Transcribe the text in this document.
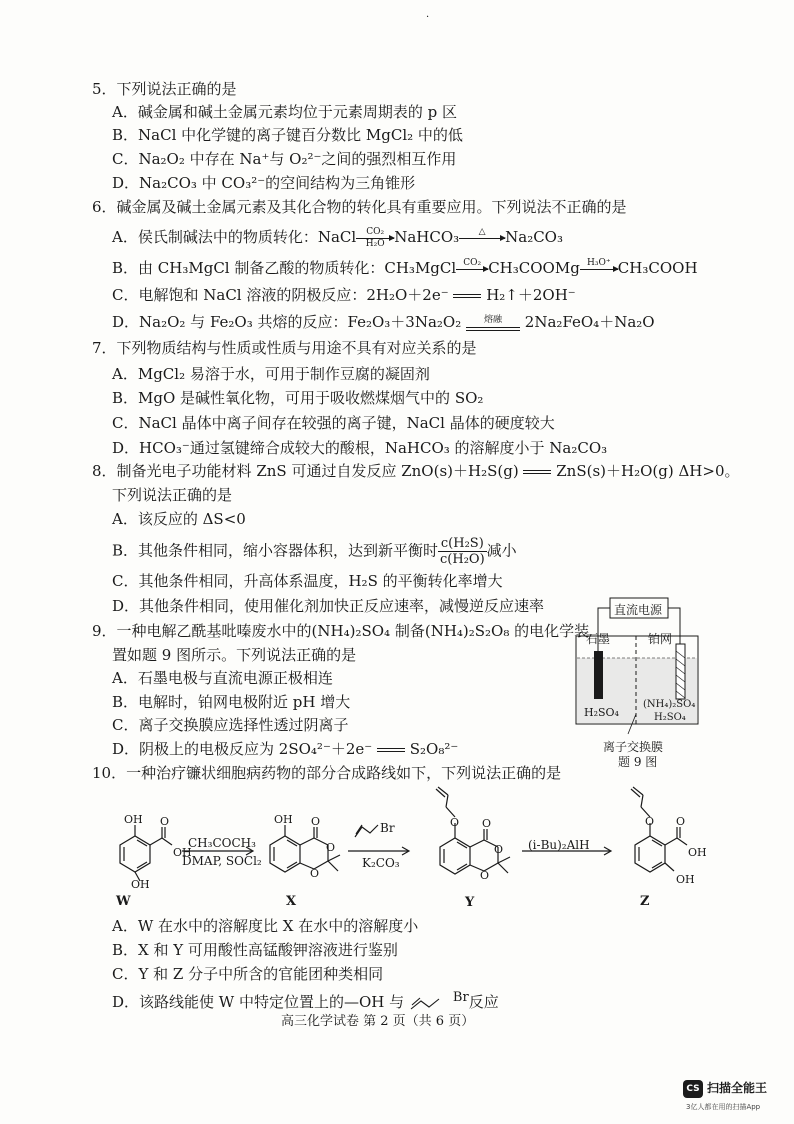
·
5．下列说法正确的是
A．碱金属和碱土金属元素均位于元素周期表的 p 区
B．NaCl 中化学键的离子键百分数比 MgCl₂ 中的低
C．Na₂O₂ 中存在 Na⁺与 O₂²⁻之间的强烈相互作用
D．Na₂CO₃ 中 CO₃²⁻的空间结构为三角锥形
6．碱金属及碱土金属元素及其化合物的转化具有重要应用。下列说法不正确的是
A．侯氏制碱法中的物质转化：NaCl $\frac{\text{CO₂}}{\text{H₂O}}$ NaHCO₃	△
	Na₂CO₃
B．由 CH₃MgCl 制备乙酸的物质转化：CH₃MgCl CO₂
CH₃COOMg H₃O⁺
CH₃COOH
C．电解饱和 NaCl 溶液的阴极反应：2H₂O＋2e⁻	H₂↑＋2OH⁻
D．Na₂O₂ 与 Fe₂O₃ 共熔的反应：Fe₂O₃＋3Na₂O₂	熔融 2Na₂FeO₄＋Na₂O
7．下列物质结构与性质或性质与用途不具有对应关系的是
A．MgCl₂ 易溶于水，可用于制作豆腐的凝固剂
B．MgO 是碱性氧化物，可用于吸收燃煤烟气中的 SO₂
C．NaCl 晶体中离子间存在较强的离子键，NaCl 晶体的硬度较大
D．HCO₃⁻通过氢键缔合成较大的酸根，NaHCO₃ 的溶解度小于 Na₂CO₃
8．制备光电子功能材料 ZnS 可通过自发反应 ZnO(s)＋H₂S(g)	ZnS(s)＋H₂O(g) ΔH>0。
下列说法正确的是
A．该反应的 ΔS<0
B．其他条件相同，缩小容器体积，达到新平衡时 $\frac{\text{c(H₂S)}}{\text{c(H₂O)}}$ 减小
C．其他条件相同，升高体系温度，H₂S 的平衡转化率增大
D．其他条件相同，使用催化剂加快正反应速率，减慢逆反应速率
9．一种电解乙酰基吡嗪废水中的(NH₄)₂SO₄ 制备(NH₄)₂S₂O₈ 的电化学装
置如题 9 图所示。下列说法正确的是
A．石墨电极与直流电源正极相连
B．电解时，铂网电极附近 pH 增大
C．离子交换膜应选择性透过阴离子
D．阴极上的电极反应为 2SO₄²⁻＋2e⁻	S₂O₈²⁻
直流电源
石墨	铂网
H₂SO₄
(NH₄)₂SO₄
H₂SO₄
离子交换膜
题 9 图
10．一种治疗镰状细胞病药物的部分合成路线如下，下列说法正确的是
OH O
OH
OH
W
CH₃COCH₃
DMAP, SOCl₂
OH O
O
O
X
Br
K₂CO₃
O O
O
O
Y
(i-Bu)₂AlH
O O
OH
OH
Z
A．W 在水中的溶解度比 X 在水中的溶解度小
B．X 和 Y 可用酸性高锰酸钾溶液进行鉴别
C．Y 和 Z 分子中所含的官能团种类相同
D．该路线能使 W 中特定位置上的—OH 与	Br反应
高三化学试卷 第 2 页（共 6 页）
CS 扫描全能王
3亿人都在用的扫描App
